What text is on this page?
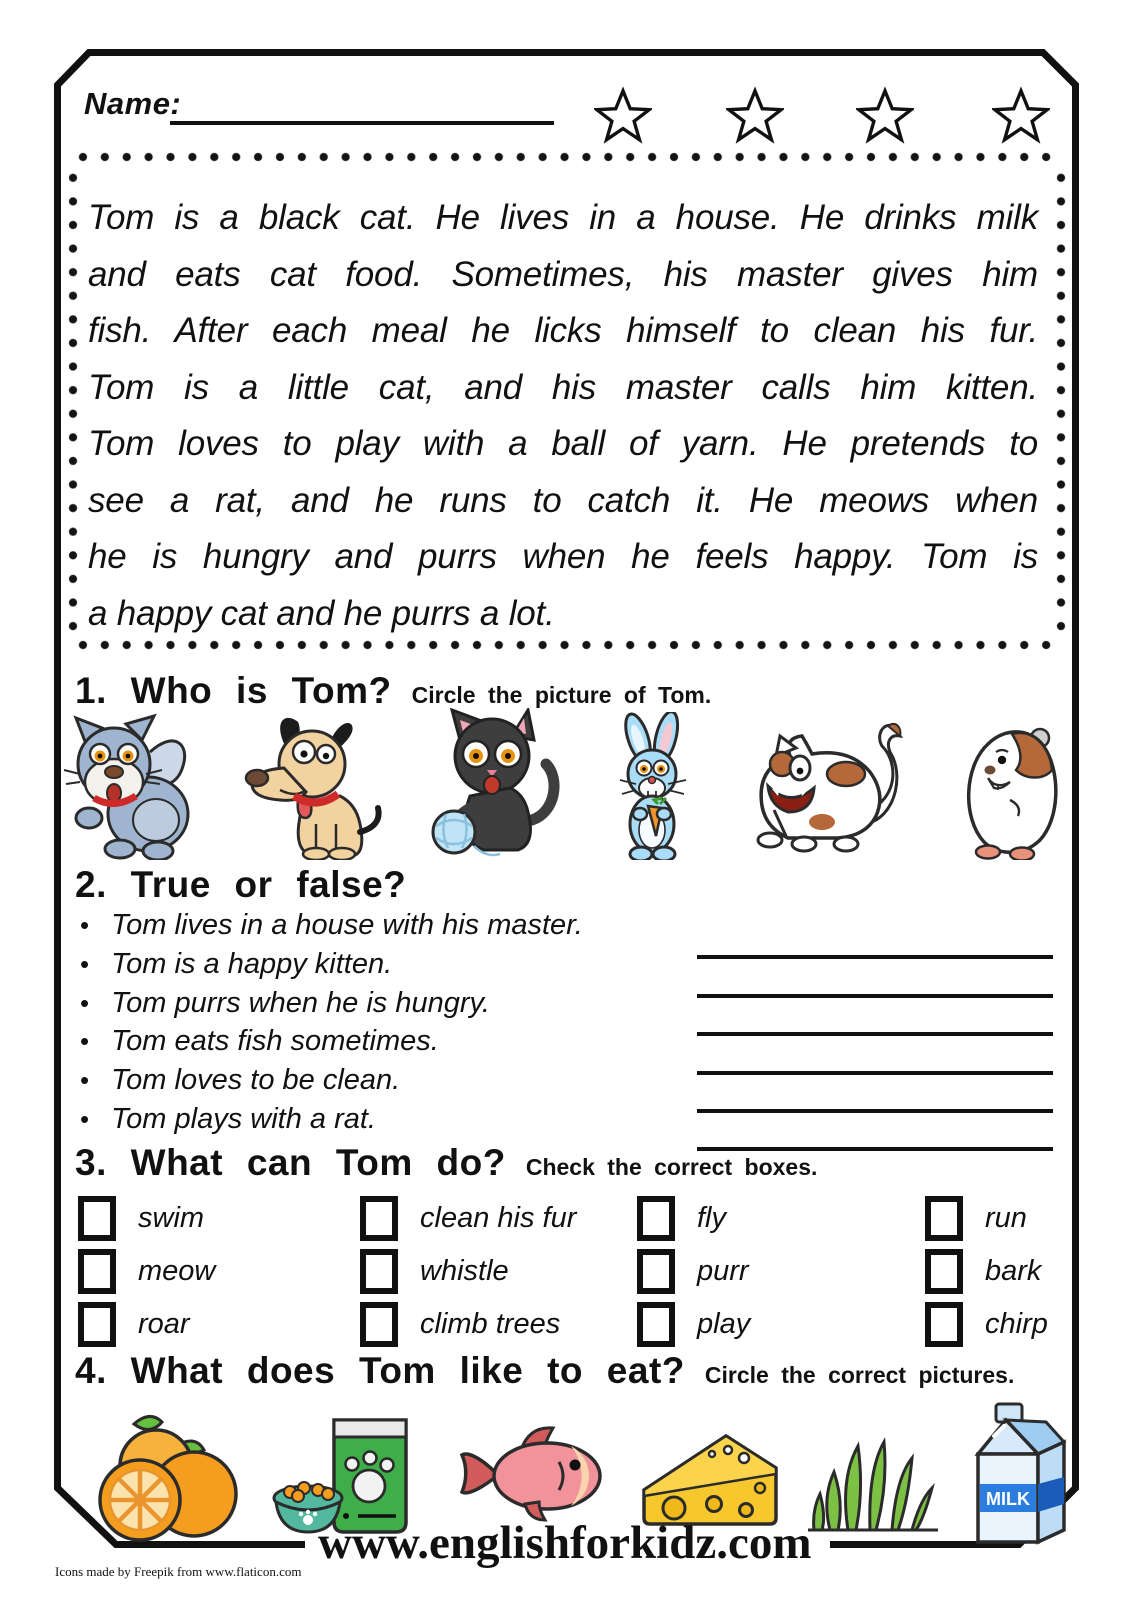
Name:
Tom is a black cat. He lives in a house. He drinks milk
and eats cat food. Sometimes, his master gives him
fish. After each meal he licks himself to clean his fur.
Tom is a little cat, and his master calls him kitten.
Tom loves to play with a ball of yarn. He pretends to
see a rat, and he runs to catch it. He meows when
he is hungry and purrs when he feels happy. Tom is
a happy cat and he purrs a lot.
1. Who is Tom? Circle the picture of Tom.
2. True or false?
• Tom lives in a house with his master.
• Tom is a happy kitten.
• Tom purrs when he is hungry.
• Tom eats fish sometimes.
• Tom loves to be clean.
• Tom plays with a rat.
3. What can Tom do? Check the correct boxes.
swim
meow
roar
clean his fur
whistle
climb trees
fly
purr
play
run
bark
chirp
4. What does Tom like to eat? Circle the correct pictures.
MILK
www.englishforkidz.com
Icons made by Freepik from www.flaticon.com
